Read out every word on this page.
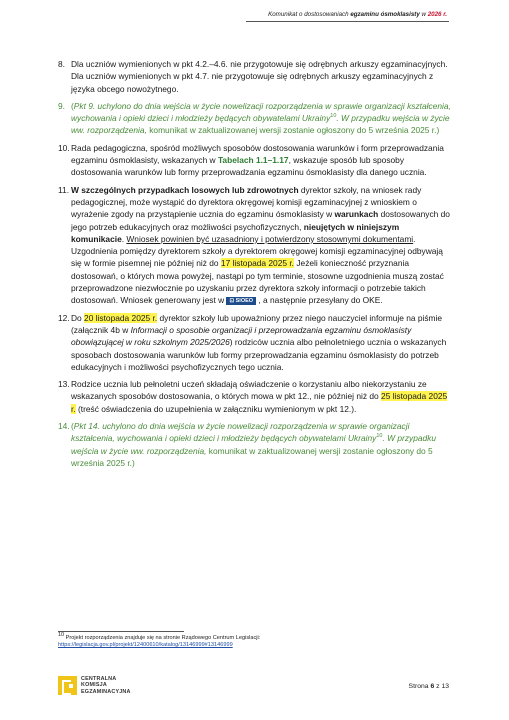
Komunikat o dostosowaniach egzaminu ósmoklasisty w 2026 r.
8. Dla uczniów wymienionych w pkt 4.2.–4.6. nie przygotowuje się odrębnych arkuszy egzaminacyjnych. Dla uczniów wymienionych w pkt 4.7. nie przygotowuje się odrębnych arkuszy egzaminacyjnych z języka obcego nowożytnego.
9. (Pkt 9. uchylono do dnia wejścia w życie nowelizacji rozporządzenia w sprawie organizacji kształcenia, wychowania i opieki dzieci i młodzieży będących obywatelami Ukrainy$^{10}$. W przypadku wejścia w życie ww. rozporządzenia, komunikat w zaktualizowanej wersji zostanie ogłoszony do 5 września 2025 r.)
10. Rada pedagogiczna, spośród możliwych sposobów dostosowania warunków i form przeprowadzania egzaminu ósmoklasisty, wskazanych w Tabelach 1.1–1.17, wskazuje sposób lub sposoby dostosowania warunków lub formy przeprowadzania egzaminu ósmoklasisty dla danego ucznia.
11. W szczególnych przypadkach losowych lub zdrowotnych dyrektor szkoły, na wniosek rady pedagogicznej, może wystąpić do dyrektora okręgowej komisji egzaminacyjnej z wnioskiem o wyrażenie zgody na przystąpienie ucznia do egzaminu ósmoklasisty w warunkach dostosowanych do jego potrzeb edukacyjnych oraz możliwości psychofizycznych, nieujętych w niniejszym komunikacie. Wniosek powinien być uzasadniony i potwierdzony stosownymi dokumentami. Uzgodnienia pomiędzy dyrektorem szkoły a dyrektorem okręgowej komisji egzaminacyjnej odbywają się w formie pisemnej nie później niż do 17 listopada 2025 r. Jeżeli konieczność przyznania dostosowań, o których mowa powyżej, nastąpi po tym terminie, stosowne uzgodnienia muszą zostać przeprowadzone niezwłocznie po uzyskaniu przez dyrektora szkoły informacji o potrzebie takich dostosowań. Wniosek generowany jest w ⊡ SIOEO , a następnie przesyłany do OKE.
12. Do 20 listopada 2025 r. dyrektor szkoły lub upoważniony przez niego nauczyciel informuje na piśmie (załącznik 4b w Informacji o sposobie organizacji i przeprowadzania egzaminu ósmoklasisty obowiązującej w roku szkolnym 2025/2026) rodziców ucznia albo pełnoletniego ucznia o wskazanych sposobach dostosowania warunków lub formy przeprowadzania egzaminu ósmoklasisty do potrzeb edukacyjnych i możliwości psychofizycznych tego ucznia.
13. Rodzice ucznia lub pełnoletni uczeń składają oświadczenie o korzystaniu albo niekorzystaniu ze wskazanych sposobów dostosowania, o których mowa w pkt 12., nie później niż do 25 listopada 2025 r. (treść oświadczenia do uzupełnienia w załączniku wymienionym w pkt 12.).
14. (Pkt 14. uchylono do dnia wejścia w życie nowelizacji rozporządzenia w sprawie organizacji kształcenia, wychowania i opieki dzieci i młodzieży będących obywatelami Ukrainy$^{10}$. W przypadku wejścia w życie ww. rozporządzenia, komunikat w zaktualizowanej wersji zostanie ogłoszony do 5 września 2025 r.)
$^{10}$ Projekt rozporządzenia znajduje się na stronie Rządowego Centrum Legislacji:
https://legislacja.gov.pl/projekt/12400610/katalog/13146999#13146999
CENTRALNA
KOMISJA
EGZAMINACYJNA
Strona 6 z 13
